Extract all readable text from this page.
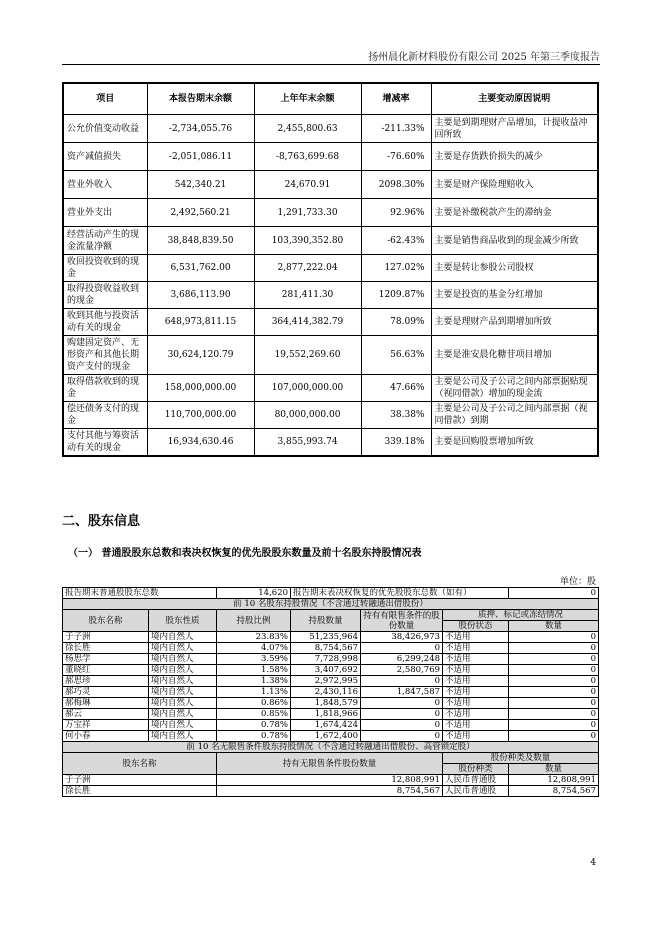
扬州晨化新材料股份有限公司 2025 年第三季度报告
项目	本报告期末余额	上年年末余额	增减率	主要变动原因说明
公允价值变动收益	-2,734,055.76	2,455,800.63	-211.33%	主要是到期理财产品增加，计提收益冲回所致
资产减值损失	-2,051,086.11	-8,763,699.68	-76.60%	主要是存货跌价损失的减少
营业外收入	542,340.21	24,670.91	2098.30%	主要是财产保险理赔收入
营业外支出	2,492,560.21	1,291,733.30	92.96%	主要是补缴税款产生的滞纳金
经营活动产生的现金流量净额	38,848,839.50	103,390,352.80	-62.43%	主要是销售商品收到的现金减少所致
收回投资收到的现金	6,531,762.00	2,877,222.04	127.02%	主要是转让参股公司股权
取得投资收益收到的现金	3,686,113.90	281,411.30	1209.87%	主要是投资的基金分红增加
收到其他与投资活动有关的现金	648,973,811.15	364,414,382.79	78.09%	主要是理财产品到期增加所致
购建固定资产、无形资产和其他长期资产支付的现金	30,624,120.79	19,552,269.60	56.63%	主要是淮安晨化糖苷项目增加
取得借款收到的现金	158,000,000.00	107,000,000.00	47.66%	主要是公司及子公司之间内部票据贴现（视同借款）增加的现金流
偿还债务支付的现金	110,700,000.00	80,000,000.00	38.38%	主要是公司及子公司之间内部票据（视同借款）到期
支付其他与筹资活动有关的现金	16,934,630.46	3,855,993.74	339.18%	主要是回购股票增加所致
二、股东信息
（一） 普通股股东总数和表决权恢复的优先股股东数量及前十名股东持股情况表
单位：股
报告期末普通股股东总数		14,620	报告期末表决权恢复的优先股股东总数（如有）			0
前 10 名股东持股情况（不含通过转融通出借股份）						
股东名称	股东性质	持股比例	持股数量	持有有限售条件的股份数量	质押、标记或冻结情况	
					股份状态	数量
于子洲	境内自然人	23.83%	51,235,964	38,426,973	不适用	0
徐长胜	境内自然人	4.07%	8,754,567	0	不适用	0
杨思学	境内自然人	3.59%	7,728,998	6,299,248	不适用	0
董晓红	境内自然人	1.58%	3,407,692	2,580,769	不适用	0
郝思珍	境内自然人	1.38%	2,972,995	0	不适用	0
郝巧灵	境内自然人	1.13%	2,430,116	1,847,587	不适用	0
郝梅琳	境内自然人	0.86%	1,848,579	0	不适用	0
郝云	境内自然人	0.85%	1,818,966	0	不适用	0
万宝祥	境内自然人	0.78%	1,674,424	0	不适用	0
何小春	境内自然人	0.78%	1,672,400	0	不适用	0
前 10 名无限售条件股东持股情况（不含通过转融通出借股份、高管锁定股）						
股东名称		持有无限售条件股份数量			股份种类及数量	
					股份种类	数量
于子洲		12,808,991			人民币普通股	12,808,991
徐长胜		8,754,567			人民币普通股	8,754,567
4
